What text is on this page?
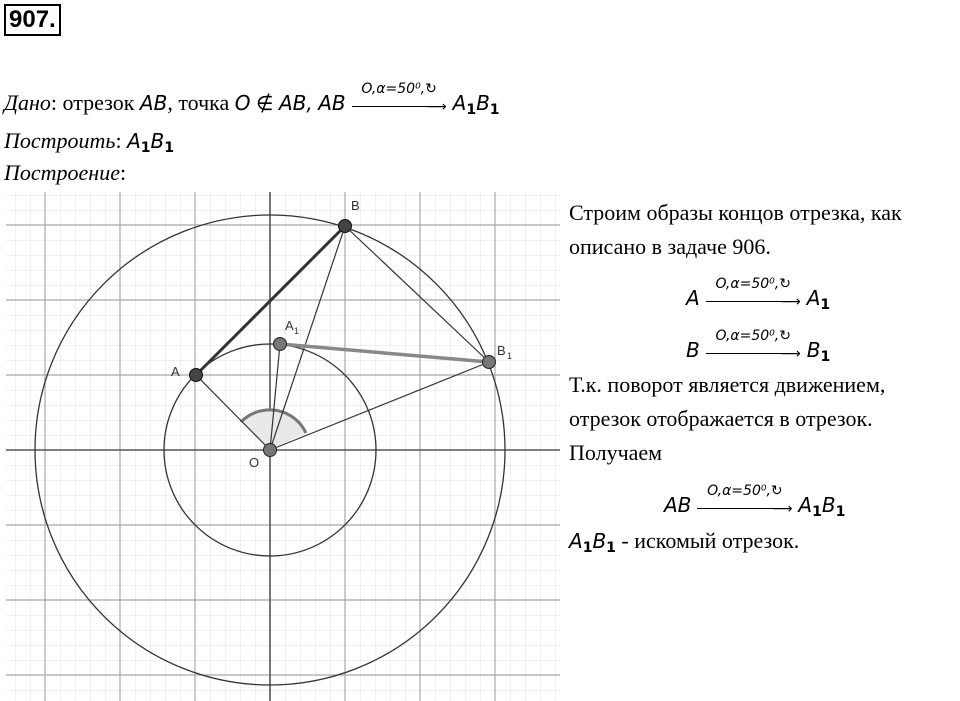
907.
Дано: отрезок AB, точка O ∉ AB, AB
O,α=50⁰,↻
⟶ $A_1B_1$
Построить: $A_1B_1$
Построение:
B
A
A 1
B 1
O
Строим образы концов отрезка, как
описано в задаче 906.
A
O,α=50⁰,↻
⟶ $A_1$
B
O,α=50⁰,↻
⟶ $B_1$
Т.к. поворот является движением,
отрезок отображается в отрезок.
Получаем
AB
O,α=50⁰,↻
⟶ $A_1B_1$
$A_1B_1$ - искомый отрезок.
